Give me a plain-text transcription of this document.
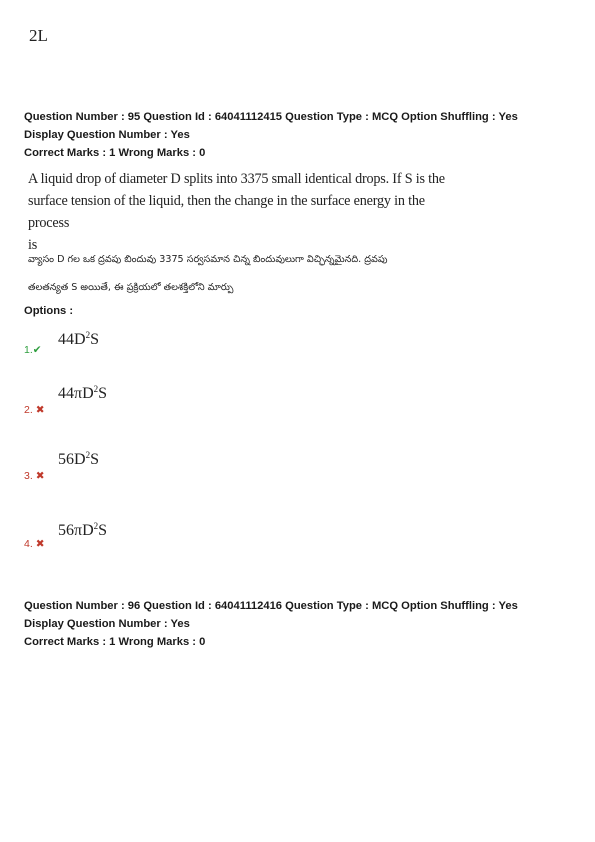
2L
Question Number : 95 Question Id : 64041112415 Question Type : MCQ Option Shuffling : Yes
Display Question Number : Yes
Correct Marks : 1 Wrong Marks : 0
A liquid drop of diameter D splits into 3375 small identical drops. If S is the
surface tension of the liquid, then the change in the surface energy in the process
is
వ్యాసం D గల ఒక ద్రవపు బిందువు 3375 సర్వసమాన చిన్న బిందువులుగా విచ్ఛిన్నమైనది. ద్రవపు
తలతన్యత S అయితే, ఈ ప్రక్రియలో తలశక్తిలోని మార్పు
Options :
$44D^2S$
1.✔
$44\pi D^2S$
2. ✖
$56D^2S$
3. ✖
$56\pi D^2S$
4. ✖
Question Number : 96 Question Id : 64041112416 Question Type : MCQ Option Shuffling : Yes
Display Question Number : Yes
Correct Marks : 1 Wrong Marks : 0
